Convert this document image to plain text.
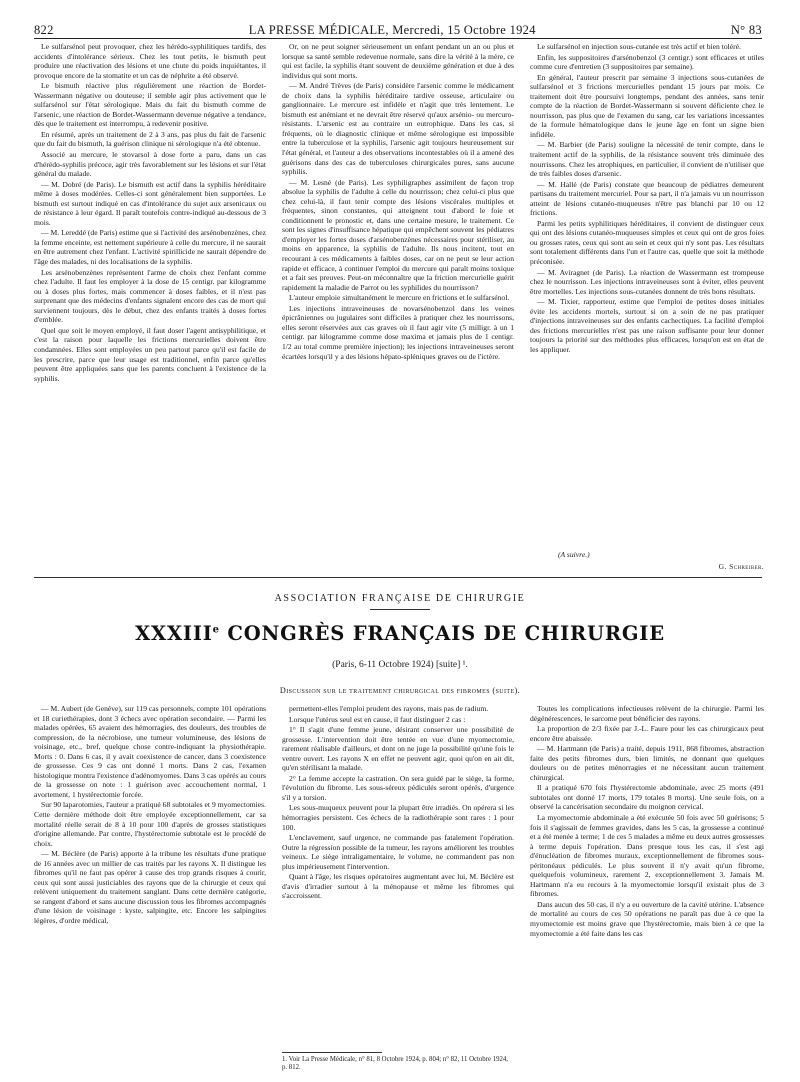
822	LA PRESSE MÉDICALE, Mercredi, 15 Octobre 1924	N° 83

Le sulfarsénol peut provoquer, chez les hérédo-syphilitiques tardifs, des accidents d'intolérance sérieux. Chez les tout petits, le bismuth peut produire une réactivation des lésions et une chute du poids inquiétantes, il provoque encore de la stomatite et un cas de néphrite a été observé.

Le bismuth réactive plus régulièrement une réaction de Bordet-Wassermann négative ou douteuse; il semble agir plus activement que le sulfarsénol sur l'état sérologique. Mais du fait du bismuth comme de l'arsenic, une réaction de Bordet-Wassermann devenue négative a tendance, dès que le traitement est interrompu, à redevenir positive.

En résumé, après un traitement de 2 à 3 ans, pas plus du fait de l'arsenic que du fait du bismuth, la guérison clinique ni sérologique n'a été obtenue.

Associé au mercure, le stovarsol à dose forte a paru, dans un cas d'hérédo-syphilis précoce, agir très favorablement sur les lésions et sur l'état général du malade.

— M. Dobré (de Paris). Le bismuth est actif dans la syphilis héréditaire même à doses modérées. Celles-ci sont généralement bien supportées. Le bismuth est surtout indiqué en cas d'intolérance du sujet aux arsenicaux ou de résistance à leur égard. Il paraît toutefois contre-indiqué au-dessous de 3 mois.

— M. Lereddé (de Paris) estime que si l'activité des arsénobenzènes, chez la femme enceinte, est nettement supérieure à celle du mercure, il ne saurait en être autrement chez l'enfant. L'activité spirillicide ne saurait dépendre de l'âge des malades, ni des localisations de la syphilis.

Les arsénobenzènes représentent l'arme de choix chez l'enfant comme chez l'adulte. Il faut les employer à la dose de 15 centigr. par kilogramme ou à doses plus fortes, mais commencer à doses faibles, et il n'est pas surprenant que des médecins d'enfants signalent encore des cas de mort qui surviennent toujours, dès le début, chez des enfants traités à doses fortes d'emblée.

Quel que soit le moyen employé, il faut doser l'agent antisyphilitique, et c'est la raison pour laquelle les frictions mercurielles doivent être condamnées. Elles sont employées un peu partout parce qu'il est facile de les prescrire, parce que leur usage est traditionnel, enfin parce qu'elles peuvent être appliquées sans que les parents concluent à l'existence de la syphilis.

Or, on ne peut soigner sérieusement un enfant pendant un an ou plus et lorsque sa santé semble redevenue normale, sans dire la vérité à la mère, ce qui est facile, la syphilis étant souvent de deuxième génération et due à des individus qui sont morts.

— M. André Trèves (de Paris) considère l'arsenic comme le médicament de choix dans la syphilis héréditaire tardive osseuse, articulaire ou ganglionnaire. Le mercure est infidèle et n'agit que très lentement. Le bismuth est anémiant et ne devrait être réservé qu'aux arsénio- ou mercuro-résistants. L'arsenic est au contraire un eutrophique. Dans les cas, si fréquents, où le diagnostic clinique et même sérologique est impossible entre la tuberculose et la syphilis, l'arsenic agit toujours heureusement sur l'état général, et l'auteur a des observations incontestables où il a amené des guérisons dans des cas de tuberculoses chirurgicales pures, sans aucune syphilis.

— M. Lesné (de Paris). Les syphiligraphes assimilent de façon trop absolue la syphilis de l'adulte à celle du nourrisson; chez celui-ci plus que chez celui-là, il faut tenir compte des lésions viscérales multiples et fréquentes, sinon constantes, qui atteignent tout d'abord le foie et conditionnent le pronostic et, dans une certaine mesure, le traitement. Ce sont les signes d'insuffisance hépatique qui empêchent souvent les pédiatres d'employer les fortes doses d'arsénobenzènes nécessaires pour stériliser, au moins en apparence, la syphilis de l'adulte. Ils nous incitent, tout en recourant à ces médicaments à faibles doses, car on ne peut se leur action rapide et efficace, à continuer l'emploi du mercure qui paraît moins toxique et a fait ses preuves. Peut-on méconnaître que la friction mercurielle guérit rapidement la maladie de Parrot ou les syphilides du nourrisson?

L'auteur emploie simultanément le mercure en frictions et le sulfarsénol.

Les injections intraveineuses de novarsénobenzol dans les veines épicrâniennes ou jugulaires sont difficiles à pratiquer chez les nourrissons, elles seront réservées aux cas graves où il faut agir vite (5 milligr. à un 1 centigr. par kilogramme comme dose maxima et jamais plus de 1 centigr. 1/2 au total comme première injection); les injections intraveineuses seront écartées lorsqu'il y a des lésions hépato-spléniques graves ou de l'ictère.

Le sulfarsénol en injection sous-cutanée est très actif et bien toléré.

Enfin, les suppositoires d'arsénobenzol (3 centigr.) sont efficaces et utiles comme cure d'entretien (3 suppositoires par semaine).

En général, l'auteur prescrit par semaine 3 injections sous-cutanées de sulfarsénol et 3 frictions mercurielles pendant 15 jours par mois. Ce traitement doit être poursuivi longtemps, pendant des années, sans tenir compte de la réaction de Bordet-Wassermann si souvent déficiente chez le nourrisson, pas plus que de l'examen du sang, car les variations incessantes de la formule hématologique dans le jeune âge en font un signe bien infidèle.

— M. Barbier (de Paris) souligne la nécessité de tenir compte, dans le traitement actif de la syphilis, de la résistance souvent très diminuée des nourrissons. Chez les atrophiques, en particulier, il convient de n'utiliser que de très faibles doses d'arsenic.

— M. Hallé (de Paris) constate que beaucoup de pédiatres demeurent partisans du traitement mercuriel. Pour sa part, il n'a jamais vu un nourrisson atteint de lésions cutanéo-muqueuses n'être pas blanchi par 10 ou 12 frictions.

Parmi les petits syphilitiques héréditaires, il convient de distinguer ceux qui ont des lésions cutanéo-muqueuses simples et ceux qui ont de gros foies ou grosses rates, ceux qui sont au sein et ceux qui n'y sont pas. Les résultats sont totalement différents dans l'un et l'autre cas, quelle que soit la méthode préconisée.

— M. Avíragnet (de Paris). La réaction de Wassermann est trompeuse chez le nourrisson. Les injections intraveineuses sont à éviter, elles peuvent être mortelles. Les injections sous-cutanées donnent de très bons résultats.

— M. Tixier, rapporteur, estime que l'emploi de petites doses initiales évite les accidents mortels, surtout si on a soin de ne pas pratiquer d'injections intraveineuses sur des enfants cachectiques. La facilité d'emploi des frictions mercurielles n'est pas une raison suffisante pour leur donner toujours la priorité sur des méthodes plus efficaces, lorsqu'on est en état de les appliquer.

(A suivre.)
G. Schreiber.
ASSOCIATION FRANÇAISE DE CHIRURGIE
XXXIIIe CONGRÈS FRANÇAIS DE CHIRURGIE
(Paris, 6-11 Octobre 1924) [suite] ¹.
Discussion sur le traitement chirurgical des fibromes (suite).

— M. Aubert (de Genève), sur 119 cas personnels, compte 101 opérations et 18 curiethérapies, dont 3 échecs avec opération secondaire. — Parmi les malades opérées, 65 avaient des hémorragies, des douleurs, des troubles de compression, de la nécrobiose, une tumeur volumineuse, des lésions de voisinage, etc., bref, quelque chose contre-indiquant la physiothérapie. Morts : 0. Dans 6 cas, il y avait coexistence de cancer, dans 3 coexistence de grossesse. Ces 9 cas ont donné 1 morts. Dans 2 cas, l'examen histologique montra l'existence d'adénomyomes. Dans 3 cas opérés au cours de la grossesse on note : 1 guérison avec accouchement normal, 1 avortement, 1 hystérectomie forcée.

Sur 90 laparotomies, l'auteur a pratiqué 68 subtotales et 9 myomectomies. Cette dernière méthode doit être employée exceptionnellement, car sa mortalité réelle serait de 8 à 10 pour 100 d'après de grosses statistiques d'origine allemande. Par contre, l'hystérectomie subtotale est le procédé de choix.

— M. Béclère (de Paris) apporte à la tribune les résultats d'une pratique de 16 années avec un millier de cas traités par les rayons X. Il distingue les fibromes qu'il ne faut pas opérer à cause des trop grands risques à courir, ceux qui sont aussi justiciables des rayons que de la chirurgie et ceux qui relèvent uniquement du traitement sanglant. Dans cette dernière catégorie, se rangent d'abord et sans aucune discussion tous les fibromes accompagnés d'une lésion de voisinage : kyste, salpingite, etc. Encore les salpingites légères, d'ordre médical,

permettent-elles l'emploi prudent des rayons, mais pas de radium.

Lorsque l'utérus seul est en cause, il faut distinguer 2 cas :

1° Il s'agit d'une femme jeune, désirant conserver une possibilité de grossesse. L'intervention doit être tentée en vue d'une myomectomie, rarement réalisable d'ailleurs, et dont on ne juge la possibilité qu'une fois le ventre ouvert. Les rayons X en effet ne peuvent agir, quoi qu'on en ait dit, qu'en stérilisant la malade.

2° La femme accepte la castration. On sera guidé par le siège, la forme, l'évolution du fibrome. Les sous-séreux pédiculés seront opérés, d'urgence s'il y a torsion.

Les sous-muqueux peuvent pour la plupart être irradiés. On opérera si les hémorragies persistent. Ces échecs de la radiothérapie sont rares : 1 pour 100.

L'enclavement, sauf urgence, ne commande pas fatalement l'opération. Outre la régression possible de la tumeur, les rayons améliorent les troubles veineux. Le siège intraligamentaire, le volume, ne commandent pas non plus impérieusement l'intervention.

Quant à l'âge, les risques opératoires augmentant avec lui, M. Béclère est d'avis d'irradier surtout à la ménopause et même les fibromes qui s'accroissent.

Toutes les complications infectieuses relèvent de la chirurgie. Parmi les dégénérescences, le sarcome peut bénéficier des rayons.

La proportion de 2/3 fixée par J.-L. Faure pour les cas chirurgicaux peut encore être abaissée.

— M. Hartmann (de Paris) a traité, depuis 1911, 868 fibromes, abstraction faite des petits fibromes durs, bien limités, ne donnant que quelques douleurs ou de petites ménorragies et ne nécessitant aucun traitement chirurgical.

Il a pratiqué 670 fois l'hystérectomie abdominale, avec 25 morts (491 subtotales ont donné 17 morts, 179 totales 8 morts). Une seule fois, on a observé la cancérisation secondaire du moignon cervical.

La myomectomie abdominale a été exécutée 50 fois avec 50 guérisons; 5 fois il s'agissait de femmes gravides, dans les 5 cas, la grossesse a continué et a été menée à terme; 1 de ces 5 malades a même eu deux autres grossesses à terme depuis l'opération. Dans presque tous les cas, il s'est agi d'énucléation de fibromes muraux, exceptionnellement de fibromes sous-péritonéaux pédiculés. Le plus souvent il n'y avait qu'un fibrome, quelquefois volumineux, rarement 2, exceptionnellement 3. Jamais M. Hartmann n'a eu recours à la myomectomie lorsqu'il existait plus de 3 fibromes.

Dans aucun des 50 cas, il n'y a eu ouverture de la cavité utérine. L'absence de mortalité au cours de ces 50 opérations ne paraît pas due à ce que la myomectomie est moins grave que l'hystérectomie, mais bien à ce que la myomectomie a été faite dans les cas

1. Voir La Presse Médicale, n° 81, 8 Octobre 1924, p. 804; n° 82, 11 Octobre 1924, p. 812.
